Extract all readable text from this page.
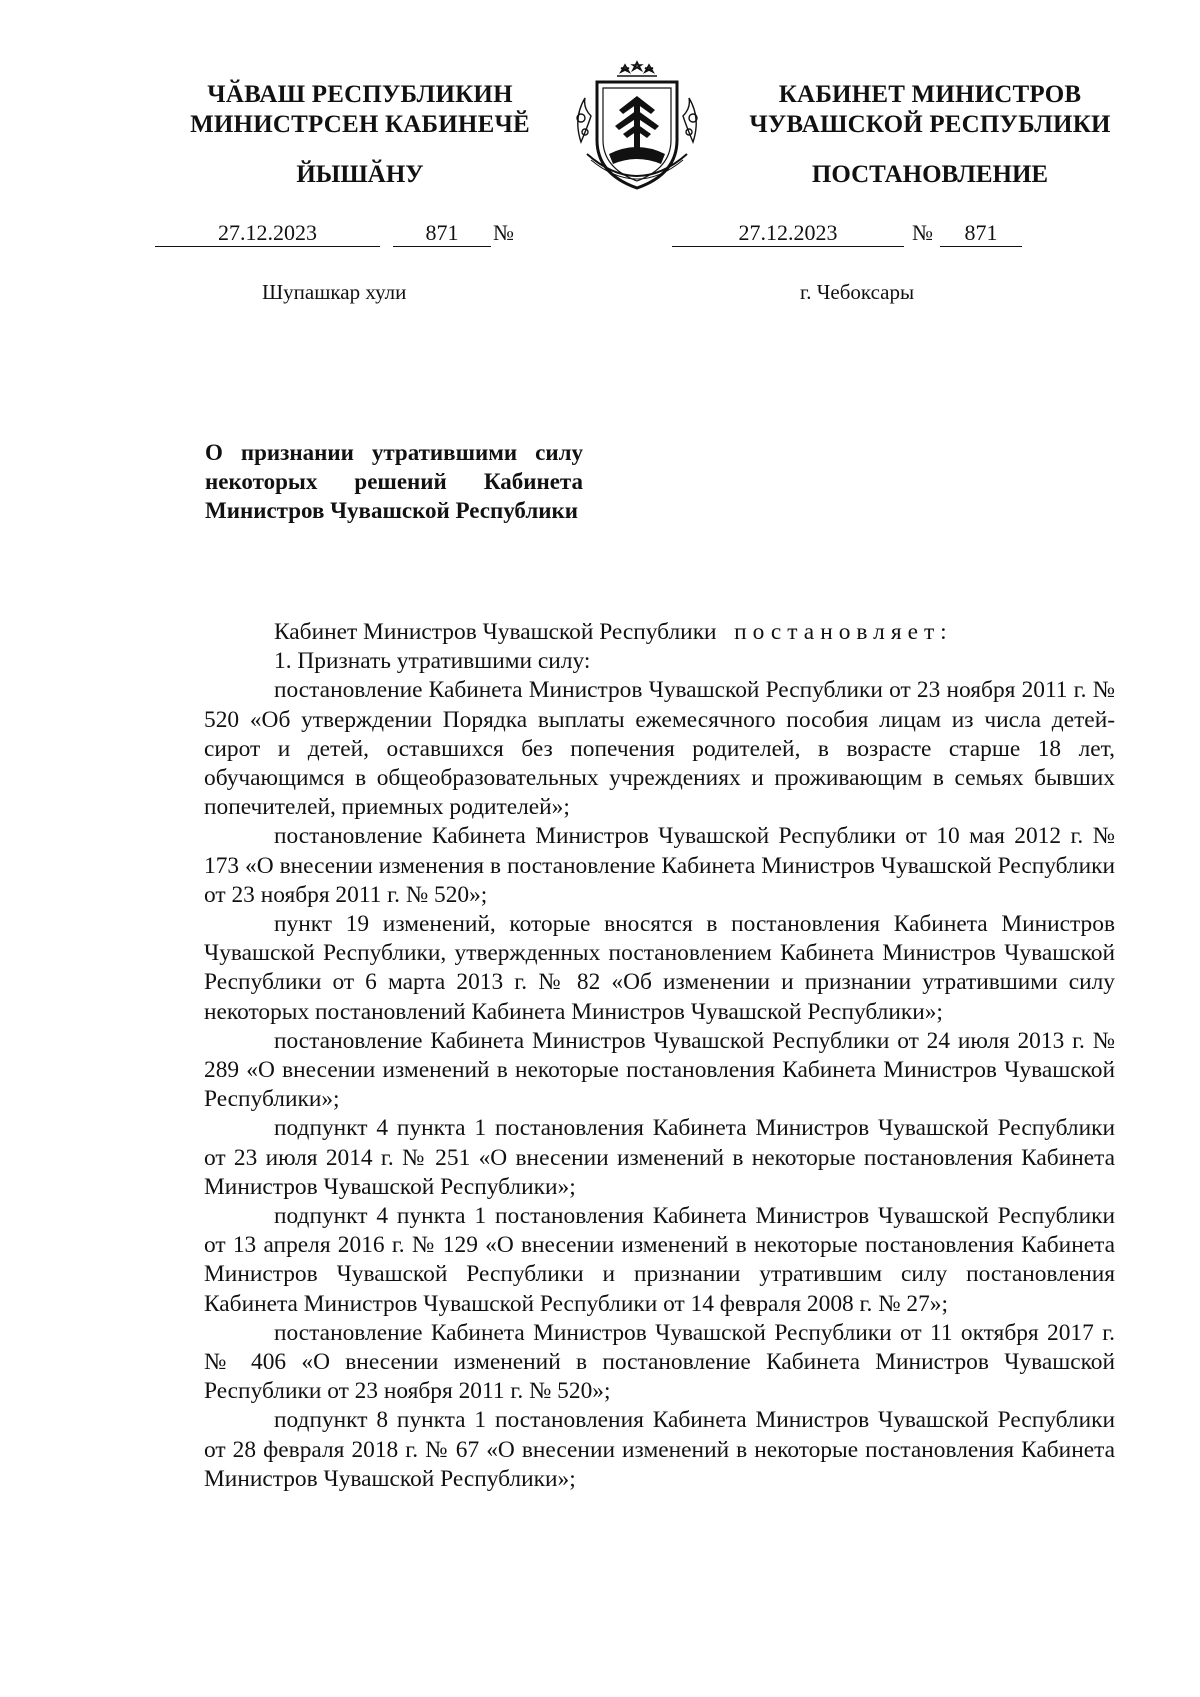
ЧӐВАШ РЕСПУБЛИКИН
МИНИСТРСЕН КАБИНЕЧӖ
КАБИНЕТ МИНИСТРОВ
ЧУВАШСКОЙ РЕСПУБЛИКИ
ЙЫШӐНУ	ПОСТАНОВЛЕНИЕ
27.12.2023	871	№	27.12.2023	№	871
Шупашкар хули	г. Чебоксары
О признании утратившими силу некоторых решений Кабинета Министров Чувашской Республики

Кабинет Министров Чувашской Республики постановляет:

1. Признать утратившими силу:

постановление Кабинета Министров Чувашской Республики от 23 ноября 2011 г. № 520 «Об утверждении Порядка выплаты ежемесячного пособия лицам из числа детей-сирот и детей, оставшихся без попечения родителей, в возрасте старше 18 лет, обучающимся в общеобразовательных учреждениях и проживающим в семьях бывших попечителей, приемных родителей»;

постановление Кабинета Министров Чувашской Республики от 10 мая 2012 г. № 173 «О внесении изменения в постановление Кабинета Министров Чувашской Республики от 23 ноября 2011 г. № 520»;

пункт 19 изменений, которые вносятся в постановления Кабинета Министров Чувашской Республики, утвержденных постановлением Кабинета Министров Чувашской Республики от 6 марта 2013 г. № 82 «Об изменении и признании утратившими силу некоторых постановлений Кабинета Министров Чувашской Республики»;

постановление Кабинета Министров Чувашской Республики от 24 июля 2013 г. № 289 «О внесении изменений в некоторые постановления Кабинета Министров Чувашской Республики»;

подпункт 4 пункта 1 постановления Кабинета Министров Чувашской Республики от 23 июля 2014 г. № 251 «О внесении изменений в некоторые постановления Кабинета Министров Чувашской Республики»;

подпункт 4 пункта 1 постановления Кабинета Министров Чувашской Республики от 13 апреля 2016 г. № 129 «О внесении изменений в некоторые постановления Кабинета Министров Чувашской Республики и признании утратившим силу постановления Кабинета Министров Чувашской Республики от 14 февраля 2008 г. № 27»;

постановление Кабинета Министров Чувашской Республики от 11 октября 2017 г. № 406 «О внесении изменений в постановление Кабинета Министров Чувашской Республики от 23 ноября 2011 г. № 520»;

подпункт 8 пункта 1 постановления Кабинета Министров Чувашской Республики от 28 февраля 2018 г. № 67 «О внесении изменений в некоторые постановления Кабинета Министров Чувашской Республики»;
